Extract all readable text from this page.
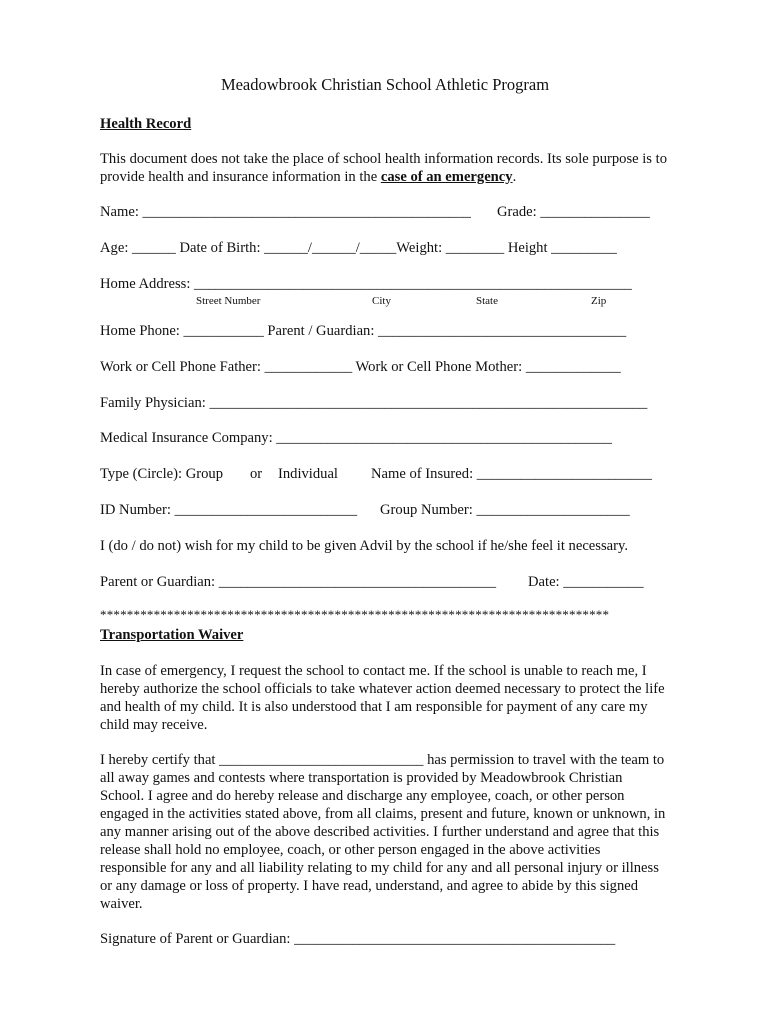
Meadowbrook Christian School Athletic Program
Health Record
This document does not take the place of school health information records. Its sole purpose is to provide health and insurance information in the case of an emergency.
Name: _____________________________________________ Grade: _______________
Age: ______ Date of Birth: ______/______/_____Weight: ________ Height _________
Home Address: ____________________________________________________________
Street Number	City	State	Zip
Home Phone: ___________ Parent / Guardian: __________________________________
Work or Cell Phone Father: ____________ Work or Cell Phone Mother: _____________
Family Physician: ____________________________________________________________
Medical Insurance Company: ______________________________________________
Type (Circle): Group or Individual Name of Insured: ________________________
ID Number: _________________________ Group Number: _____________________
I (do / do not) wish for my child to be given Advil by the school if he/she feel it necessary.
Parent or Guardian: ______________________________________ Date: ___________
****************************************************************************
Transportation Waiver
In case of emergency, I request the school to contact me. If the school is unable to reach me, I hereby authorize the school officials to take whatever action deemed necessary to protect the life and health of my child. It is also understood that I am responsible for payment of any care my child may receive.
I hereby certify that ____________________________ has permission to travel with the team to all away games and contests where transportation is provided by Meadowbrook Christian School. I agree and do hereby release and discharge any employee, coach, or other person engaged in the activities stated above, from all claims, present and future, known or unknown, in any manner arising out of the above described activities. I further understand and agree that this release shall hold no employee, coach, or other person engaged in the above activities responsible for any and all liability relating to my child for any and all personal injury or illness or any damage or loss of property. I have read, understand, and agree to abide by this signed waiver.
Signature of Parent or Guardian: ____________________________________________
